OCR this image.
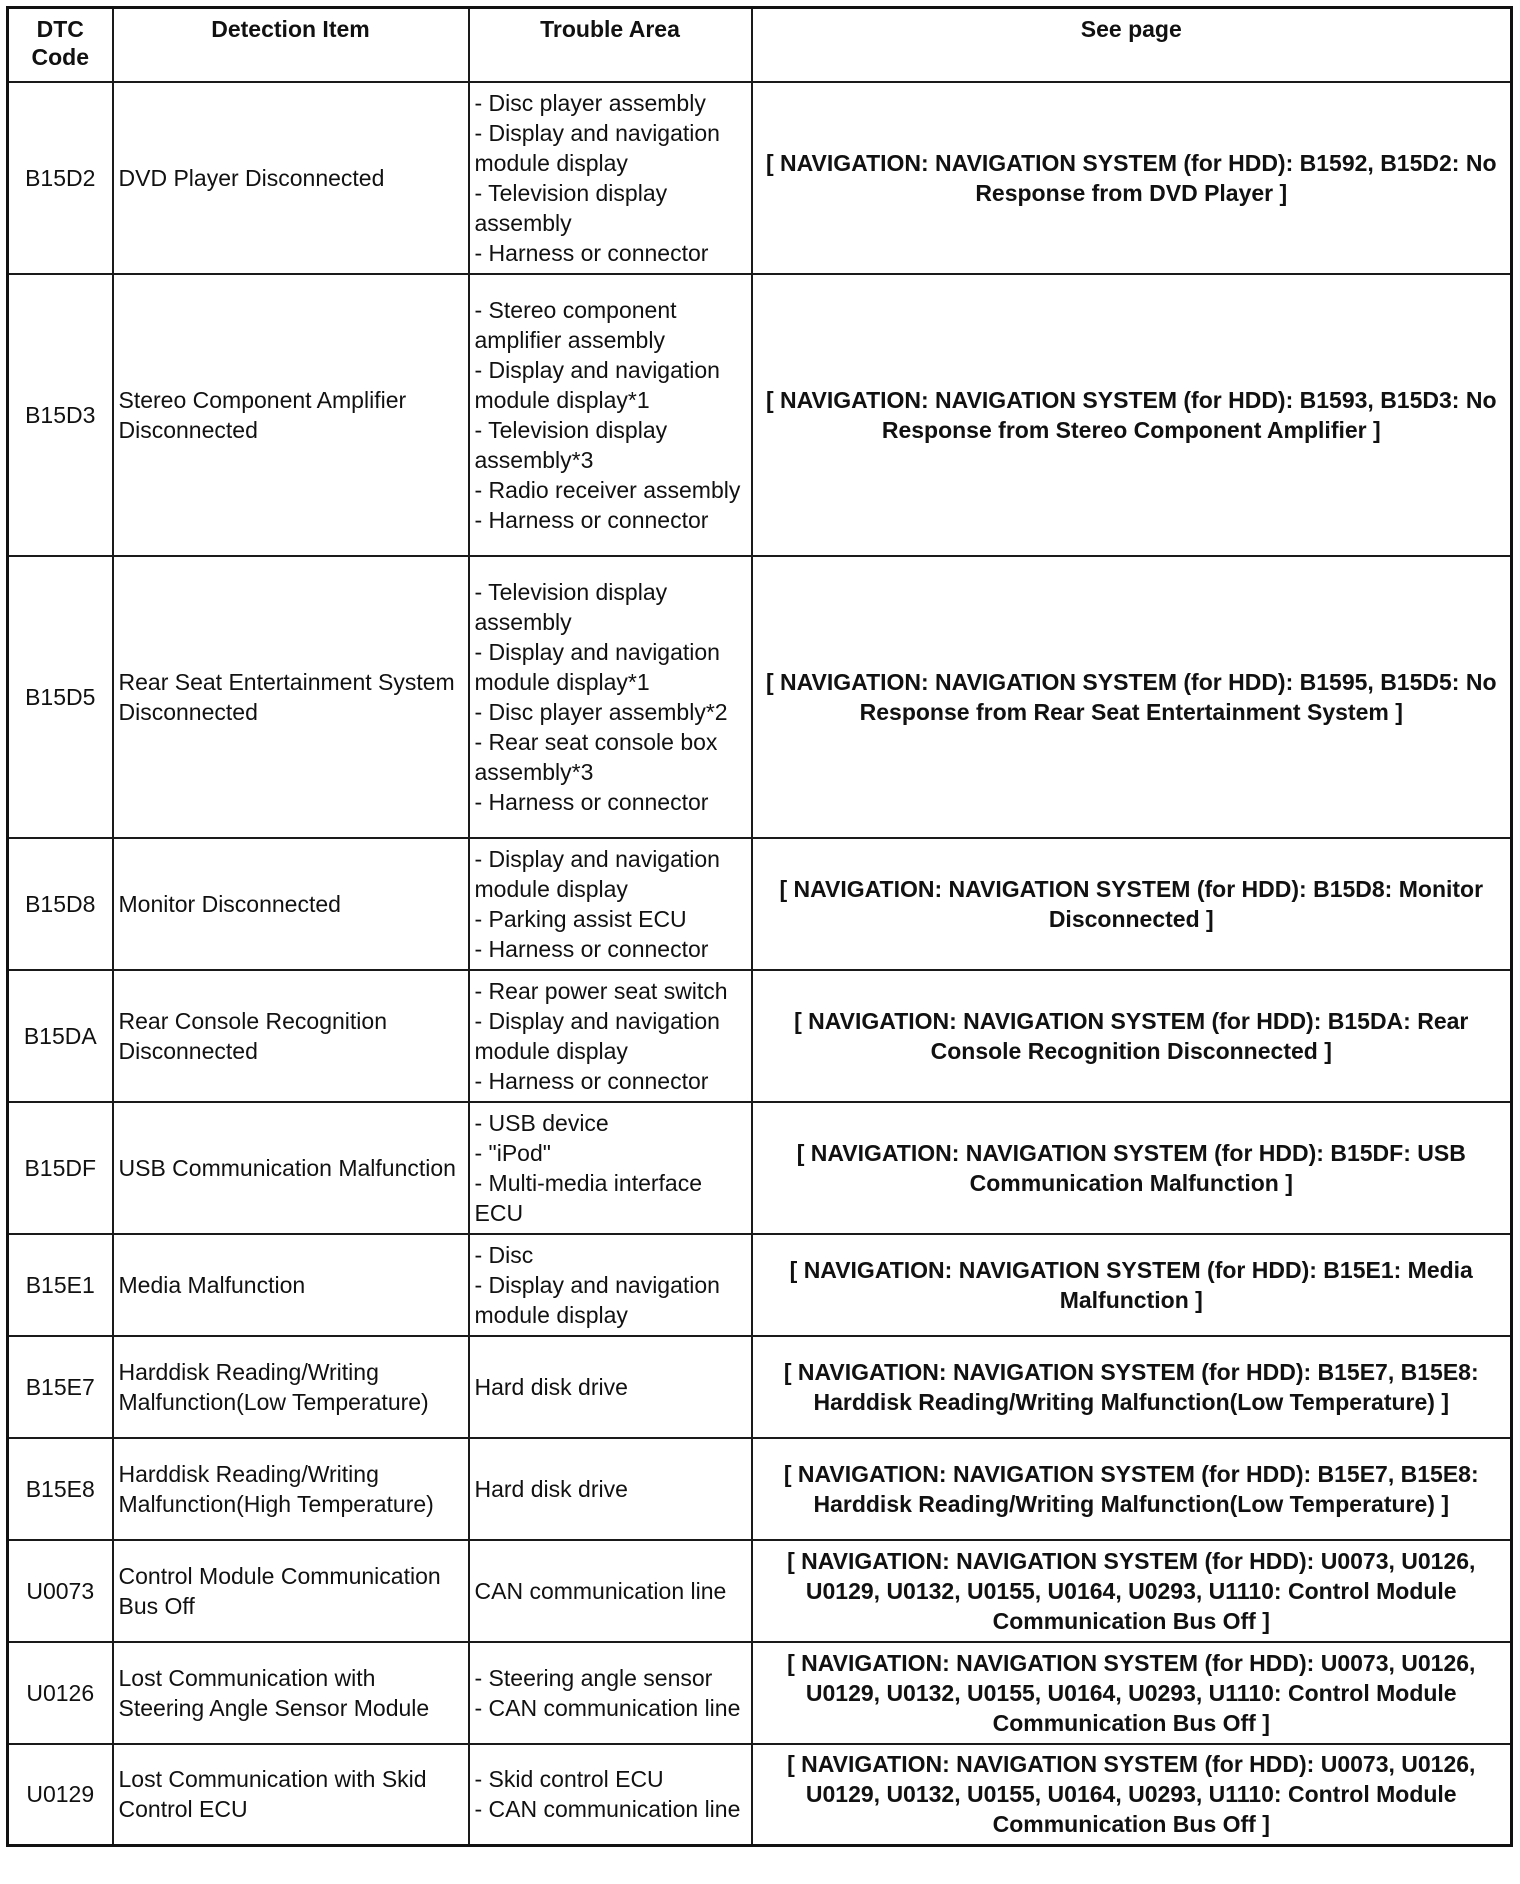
DTC Code	Detection Item	Trouble Area	See page
B15D2	DVD Player Disconnected	- Disc player assembly
- Display and navigation module display
- Television display assembly
- Harness or connector	[ NAVIGATION: NAVIGATION SYSTEM (for HDD): B1592, B15D2: No Response from DVD Player ]
B15D3	Stereo Component Amplifier Disconnected	- Stereo component amplifier assembly
- Display and navigation module display*1
- Television display assembly*3
- Radio receiver assembly
- Harness or connector	[ NAVIGATION: NAVIGATION SYSTEM (for HDD): B1593, B15D3: No Response from Stereo Component Amplifier ]
B15D5	Rear Seat Entertainment System Disconnected	- Television display assembly
- Display and navigation module display*1
- Disc player assembly*2
- Rear seat console box assembly*3
- Harness or connector	[ NAVIGATION: NAVIGATION SYSTEM (for HDD): B1595, B15D5: No Response from Rear Seat Entertainment System ]
B15D8	Monitor Disconnected	- Display and navigation module display
- Parking assist ECU
- Harness or connector	[ NAVIGATION: NAVIGATION SYSTEM (for HDD): B15D8: Monitor Disconnected ]
B15DA	Rear Console Recognition Disconnected	- Rear power seat switch
- Display and navigation module display
- Harness or connector	[ NAVIGATION: NAVIGATION SYSTEM (for HDD): B15DA: Rear Console Recognition Disconnected ]
B15DF	USB Communication Malfunction	- USB device
- "iPod"
- Multi-media interface ECU	[ NAVIGATION: NAVIGATION SYSTEM (for HDD): B15DF: USB Communication Malfunction ]
B15E1	Media Malfunction	- Disc
- Display and navigation module display	[ NAVIGATION: NAVIGATION SYSTEM (for HDD): B15E1: Media Malfunction ]
B15E7	Harddisk Reading/Writing Malfunction(Low Temperature)	Hard disk drive	[ NAVIGATION: NAVIGATION SYSTEM (for HDD): B15E7, B15E8: Harddisk Reading/Writing Malfunction(Low Temperature) ]
B15E8	Harddisk Reading/Writing Malfunction(High Temperature)	Hard disk drive	[ NAVIGATION: NAVIGATION SYSTEM (for HDD): B15E7, B15E8: Harddisk Reading/Writing Malfunction(Low Temperature) ]
U0073	Control Module Communication Bus Off	CAN communication line	[ NAVIGATION: NAVIGATION SYSTEM (for HDD): U0073, U0126, U0129, U0132, U0155, U0164, U0293, U1110: Control Module Communication Bus Off ]
U0126	Lost Communication with Steering Angle Sensor Module	- Steering angle sensor
- CAN communication line	[ NAVIGATION: NAVIGATION SYSTEM (for HDD): U0073, U0126, U0129, U0132, U0155, U0164, U0293, U1110: Control Module Communication Bus Off ]
U0129	Lost Communication with Skid Control ECU	- Skid control ECU
- CAN communication line	[ NAVIGATION: NAVIGATION SYSTEM (for HDD): U0073, U0126, U0129, U0132, U0155, U0164, U0293, U1110: Control Module Communication Bus Off ]
